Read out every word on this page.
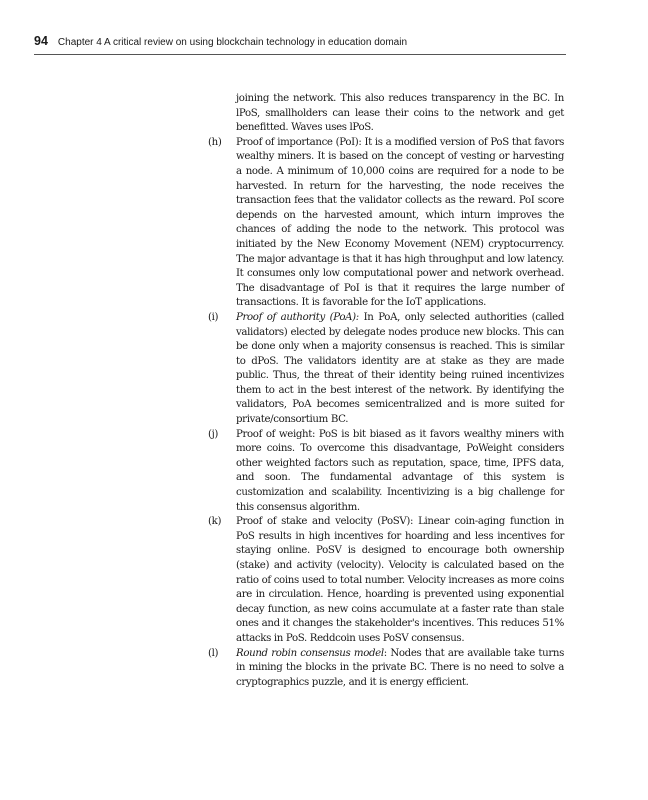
94 Chapter 4 A critical review on using blockchain technology in education domain

joining the network. This also reduces transparency in the BC. In lPoS, smallholders can lease their coins to the network and get benefitted. Waves uses lPoS.

(h) Proof of importance (PoI): It is a modified version of PoS that favors wealthy miners. It is based on the concept of vesting or harvesting a node. A minimum of 10,000 coins are required for a node to be harvested. In return for the harvesting, the node receives the transaction fees that the validator collects as the reward. PoI score depends on the harvested amount, which inturn improves the chances of adding the node to the network. This protocol was initiated by the New Economy Movement (NEM) cryptocurrency. The major advantage is that it has high throughput and low latency. It consumes only low computational power and network overhead. The disadvantage of PoI is that it requires the large number of transactions. It is favorable for the IoT applications.

(i) Proof of authority (PoA): In PoA, only selected authorities (called validators) elected by delegate nodes produce new blocks. This can be done only when a majority consensus is reached. This is similar to dPoS. The validators identity are at stake as they are made public. Thus, the threat of their identity being ruined incentivizes them to act in the best interest of the network. By identifying the validators, PoA becomes semicentralized and is more suited for private/consortium BC.

(j) Proof of weight: PoS is bit biased as it favors wealthy miners with more coins. To overcome this disadvantage, PoWeight considers other weighted factors such as reputation, space, time, IPFS data, and soon. The fundamental advantage of this system is customization and scalability. Incentivizing is a big challenge for this consensus algorithm.

(k) Proof of stake and velocity (PoSV): Linear coin-aging function in PoS results in high incentives for hoarding and less incentives for staying online. PoSV is designed to encourage both ownership (stake) and activity (velocity). Velocity is calculated based on the ratio of coins used to total number. Velocity increases as more coins are in circulation. Hence, hoarding is prevented using exponential decay function, as new coins accumulate at a faster rate than stale ones and it changes the stakeholder's incentives. This reduces 51% attacks in PoS. Reddcoin uses PoSV consensus.

(l) Round robin consensus model: Nodes that are available take turns in mining the blocks in the private BC. There is no need to solve a cryptographics puzzle, and it is energy efficient.
